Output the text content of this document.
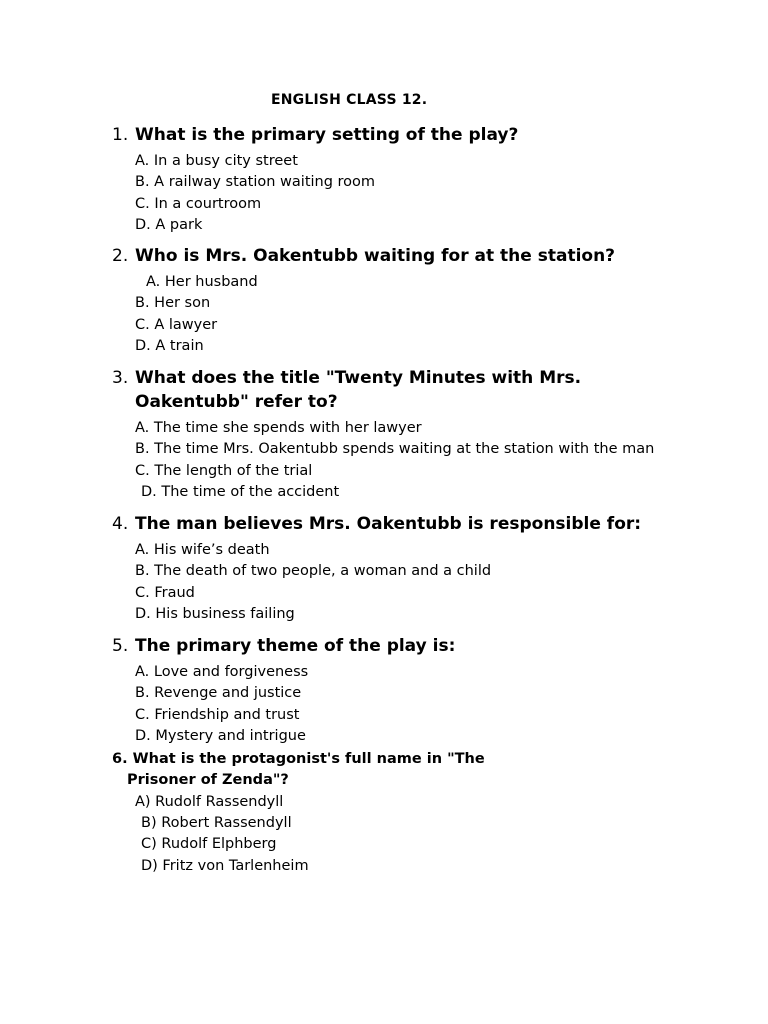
ENGLISH CLASS 12.
1. What is the primary setting of the play?
A. In a busy city street
B. A railway station waiting room
C. In a courtroom
D. A park
2. Who is Mrs. Oakentubb waiting for at the station?
A. Her husband
B. Her son
C. A lawyer
D. A train
3. What does the title "Twenty Minutes with Mrs.
Oakentubb" refer to?
A. The time she spends with her lawyer
B. The time Mrs. Oakentubb spends waiting at the station with the man
C. The length of the trial
D. The time of the accident
4. The man believes Mrs. Oakentubb is responsible for:
A. His wife’s death
B. The death of two people, a woman and a child
C. Fraud
D. His business failing
5. The primary theme of the play is:
A. Love and forgiveness
B. Revenge and justice
C. Friendship and trust
D. Mystery and intrigue
6. What is the protagonist's full name in "The
Prisoner of Zenda"?
A) Rudolf Rassendyll
B) Robert Rassendyll
C) Rudolf Elphberg
D) Fritz von Tarlenheim
